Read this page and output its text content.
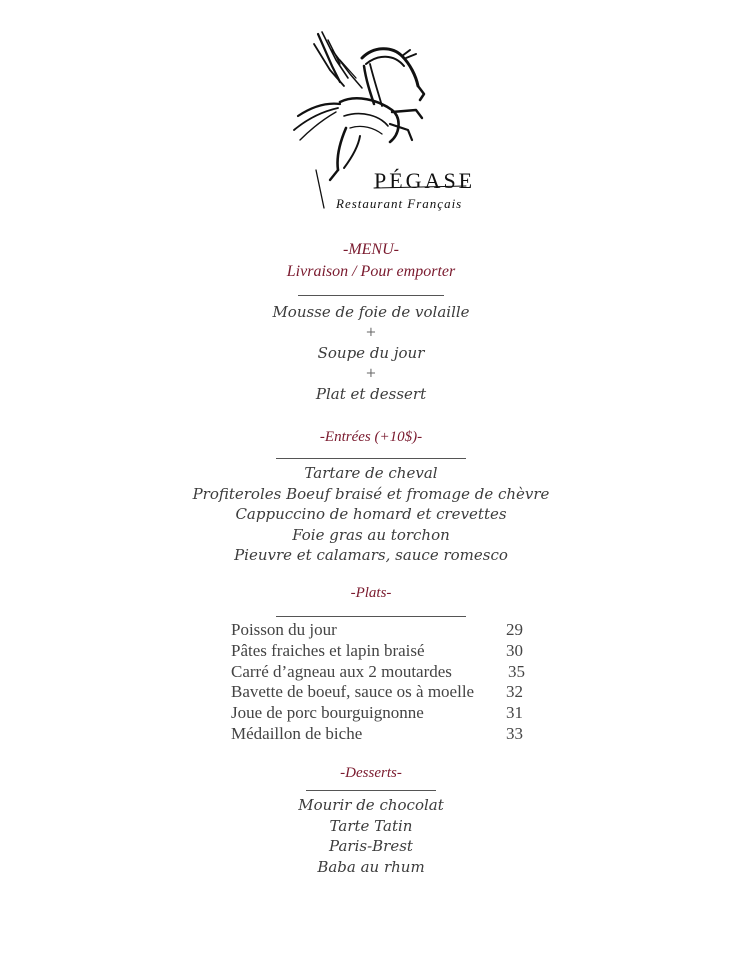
PÉGASE
Restaurant Français
-MENU-
Livraison / Pour emporter
Mousse de foie de volaille
+
Soupe du jour
+
Plat et dessert
-Entrées (+10$)-
Tartare de cheval
Profiteroles Boeuf braisé et fromage de chèvre
Cappuccino de homard et crevettes
Foie gras au torchon
Pieuvre et calamars, sauce romesco
-Plats-
Poisson du jour	29
Pâtes fraiches et lapin braisé	30
Carré d’agneau aux 2 moutardes	35
Bavette de boeuf, sauce os à moelle 32
Joue de porc bourguignonne	31
Médaillon de biche	33
-Desserts-
Mourir de chocolat
Tarte Tatin
Paris-Brest
Baba au rhum
